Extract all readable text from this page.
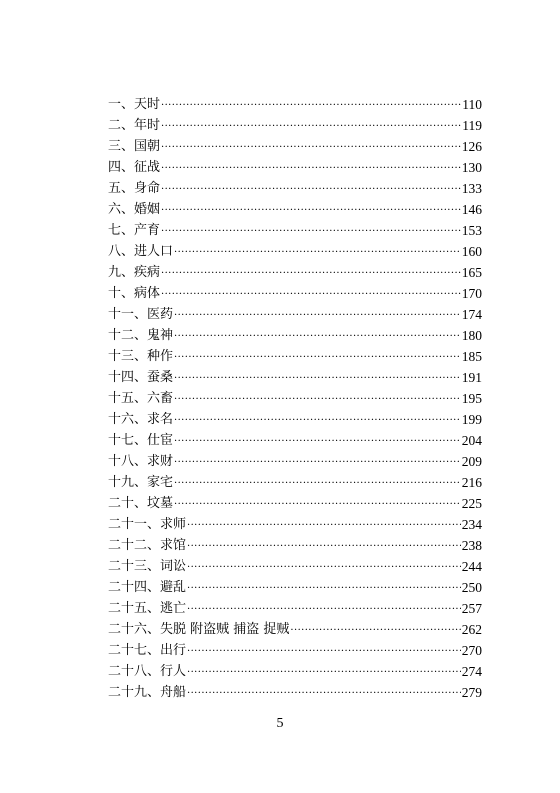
一、天时 ·····	110
二、年时 ·····	119
三、国朝 ·····	126
四、征战 ·····	130
五、身命 ·····	133
六、婚姻 ·····	146
七、产育 ·····	153
八、进人口 ·····	160
九、疾病 ·····	165
十、病体 ·····	170
十一、医药 ·····	174
十二、鬼神 ·····	180
十三、种作 ·····	185
十四、蚕桑 ·····	191
十五、六畜 ·····	195
十六、求名 ·····	199
十七、仕宦 ·····	204
十八、求财 ·····	209
十九、家宅 ·····	216
二十、坟墓 ·····	225
二十一、求师 ·····	234
二十二、求馆 ·····	238
二十三、词讼 ·····	244
二十四、避乱 ·····	250
二十五、逃亡 ·····	257
二十六、失脱 附盗贼 捕盗 捉贼 ·····	262
二十七、出行 ·····	270
二十八、行人 ·····	274
二十九、舟船 ·····	279
5
